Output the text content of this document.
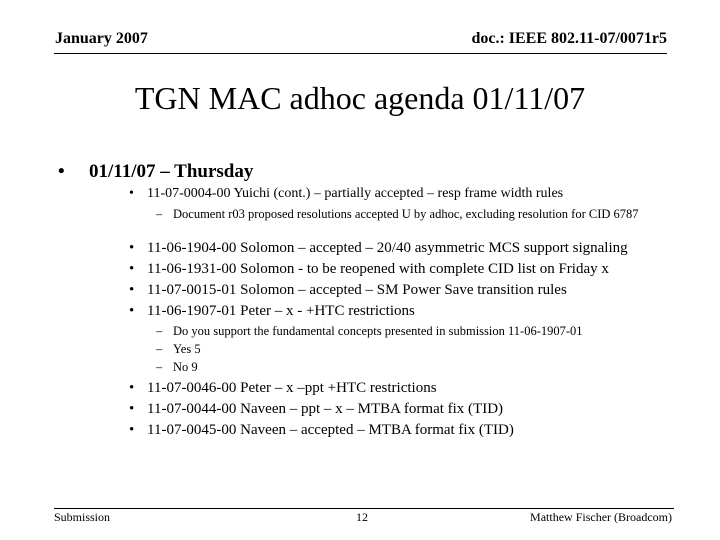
January 2007	doc.: IEEE 802.11-07/0071r5
TGN MAC adhoc agenda 01/11/07
• 01/11/07 – Thursday
• 11-07-0004-00 Yuichi (cont.) – partially accepted – resp frame width rules
– Document r03 proposed resolutions accepted U by adhoc, excluding resolution for CID 6787
• 11-06-1904-00 Solomon – accepted – 20/40 asymmetric MCS support signaling
• 11-06-1931-00 Solomon - to be reopened with complete CID list on Friday x
• 11-07-0015-01 Solomon – accepted – SM Power Save transition rules
• 11-06-1907-01 Peter – x - +HTC restrictions
– Do you support the fundamental concepts presented in submission 11-06-1907-01
– Yes 5
– No 9
• 11-07-0046-00 Peter – x –ppt +HTC restrictions
• 11-07-0044-00 Naveen – ppt – x – MTBA format fix (TID)
• 11-07-0045-00 Naveen – accepted – MTBA format fix (TID)
Submission	12	Matthew Fischer (Broadcom)
